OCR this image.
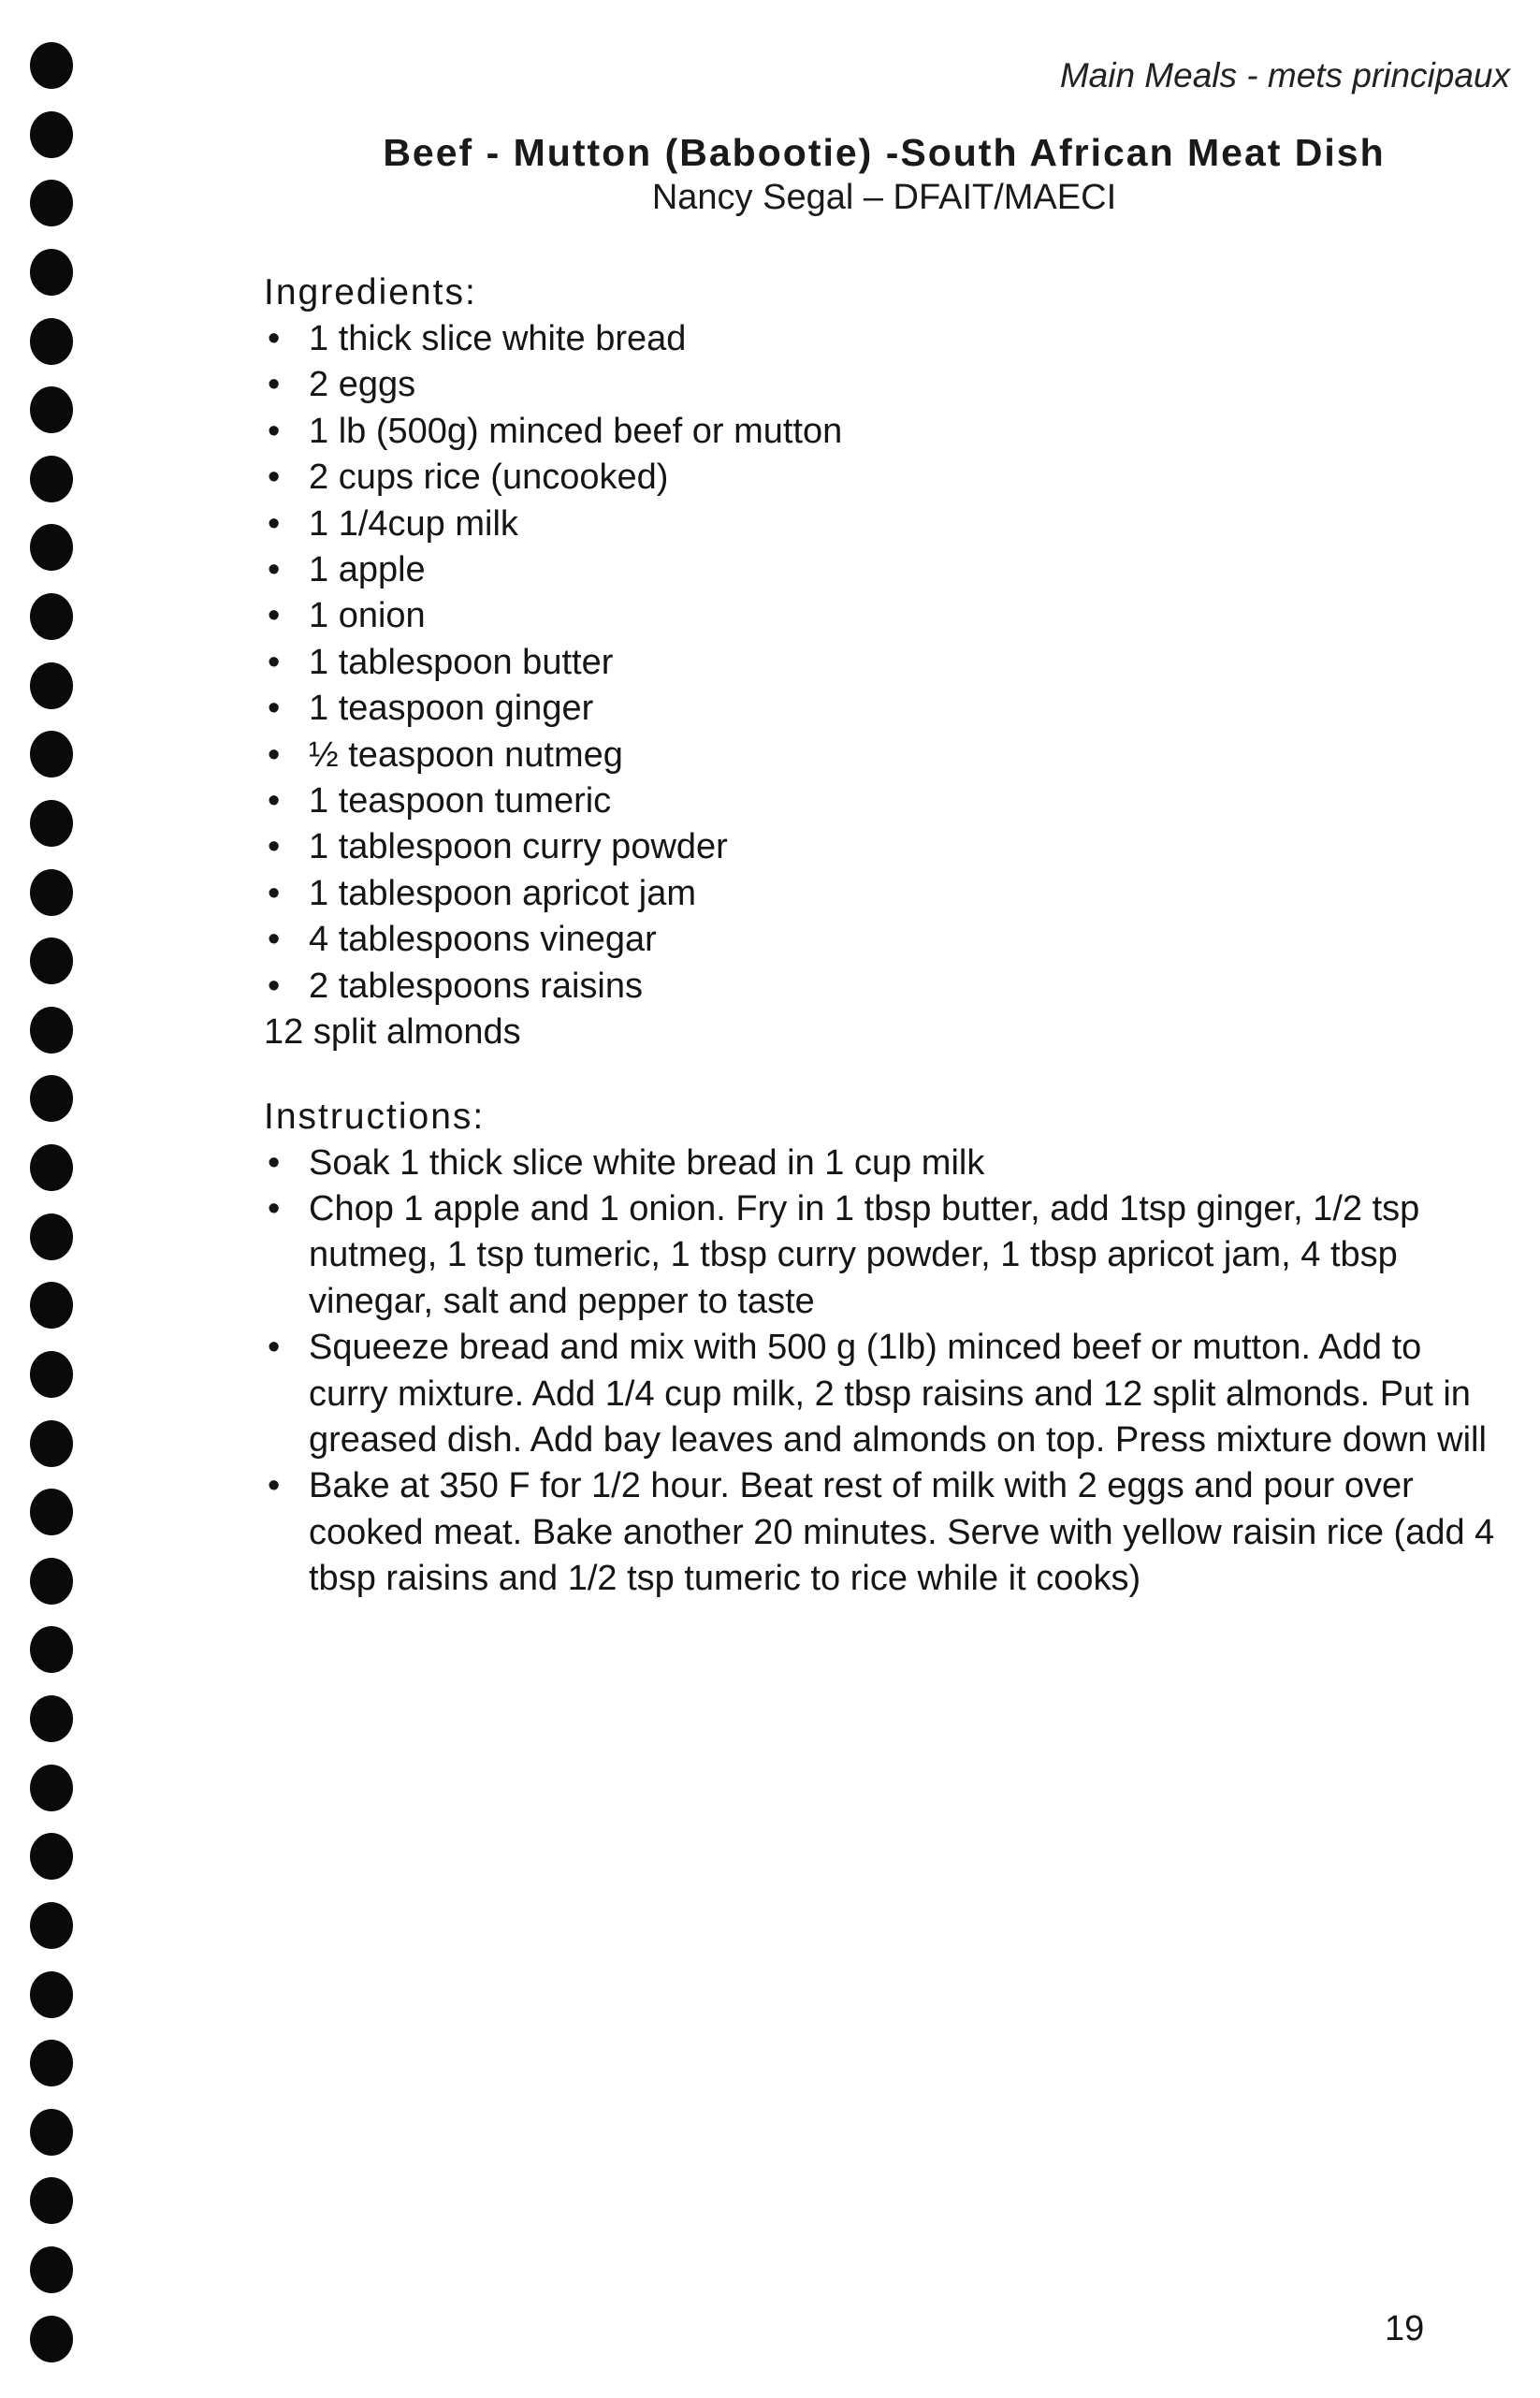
Main Meals - mets principaux
Beef - Mutton (Babootie) -South African Meat Dish
Nancy Segal – DFAIT/MAECI
Ingredients:
• 1 thick slice white bread
• 2 eggs
• 1 lb (500g) minced beef or mutton
• 2 cups rice (uncooked)
• 1 1/4cup milk
• 1 apple
• 1 onion
• 1 tablespoon butter
• 1 teaspoon ginger
• ½ teaspoon nutmeg
• 1 teaspoon tumeric
• 1 tablespoon curry powder
• 1 tablespoon apricot jam
• 4 tablespoons vinegar
• 2 tablespoons raisins

12 split almonds

Instructions:
• Soak 1 thick slice white bread in 1 cup milk
• Chop 1 apple and 1 onion. Fry in 1 tbsp butter, add 1tsp ginger, 1/2 tsp nutmeg, 1 tsp tumeric, 1 tbsp curry powder, 1 tbsp apricot jam, 4 tbsp vinegar, salt and pepper to taste
• Squeeze bread and mix with 500 g (1lb) minced beef or mutton. Add to curry mixture. Add 1/4 cup milk, 2 tbsp raisins and 12 split almonds. Put in greased dish. Add bay leaves and almonds on top. Press mixture down will
• Bake at 350 F for 1/2 hour. Beat rest of milk with 2 eggs and pour over cooked meat. Bake another 20 minutes. Serve with yellow raisin rice (add 4 tbsp raisins and 1/2 tsp tumeric to rice while it cooks)
19
